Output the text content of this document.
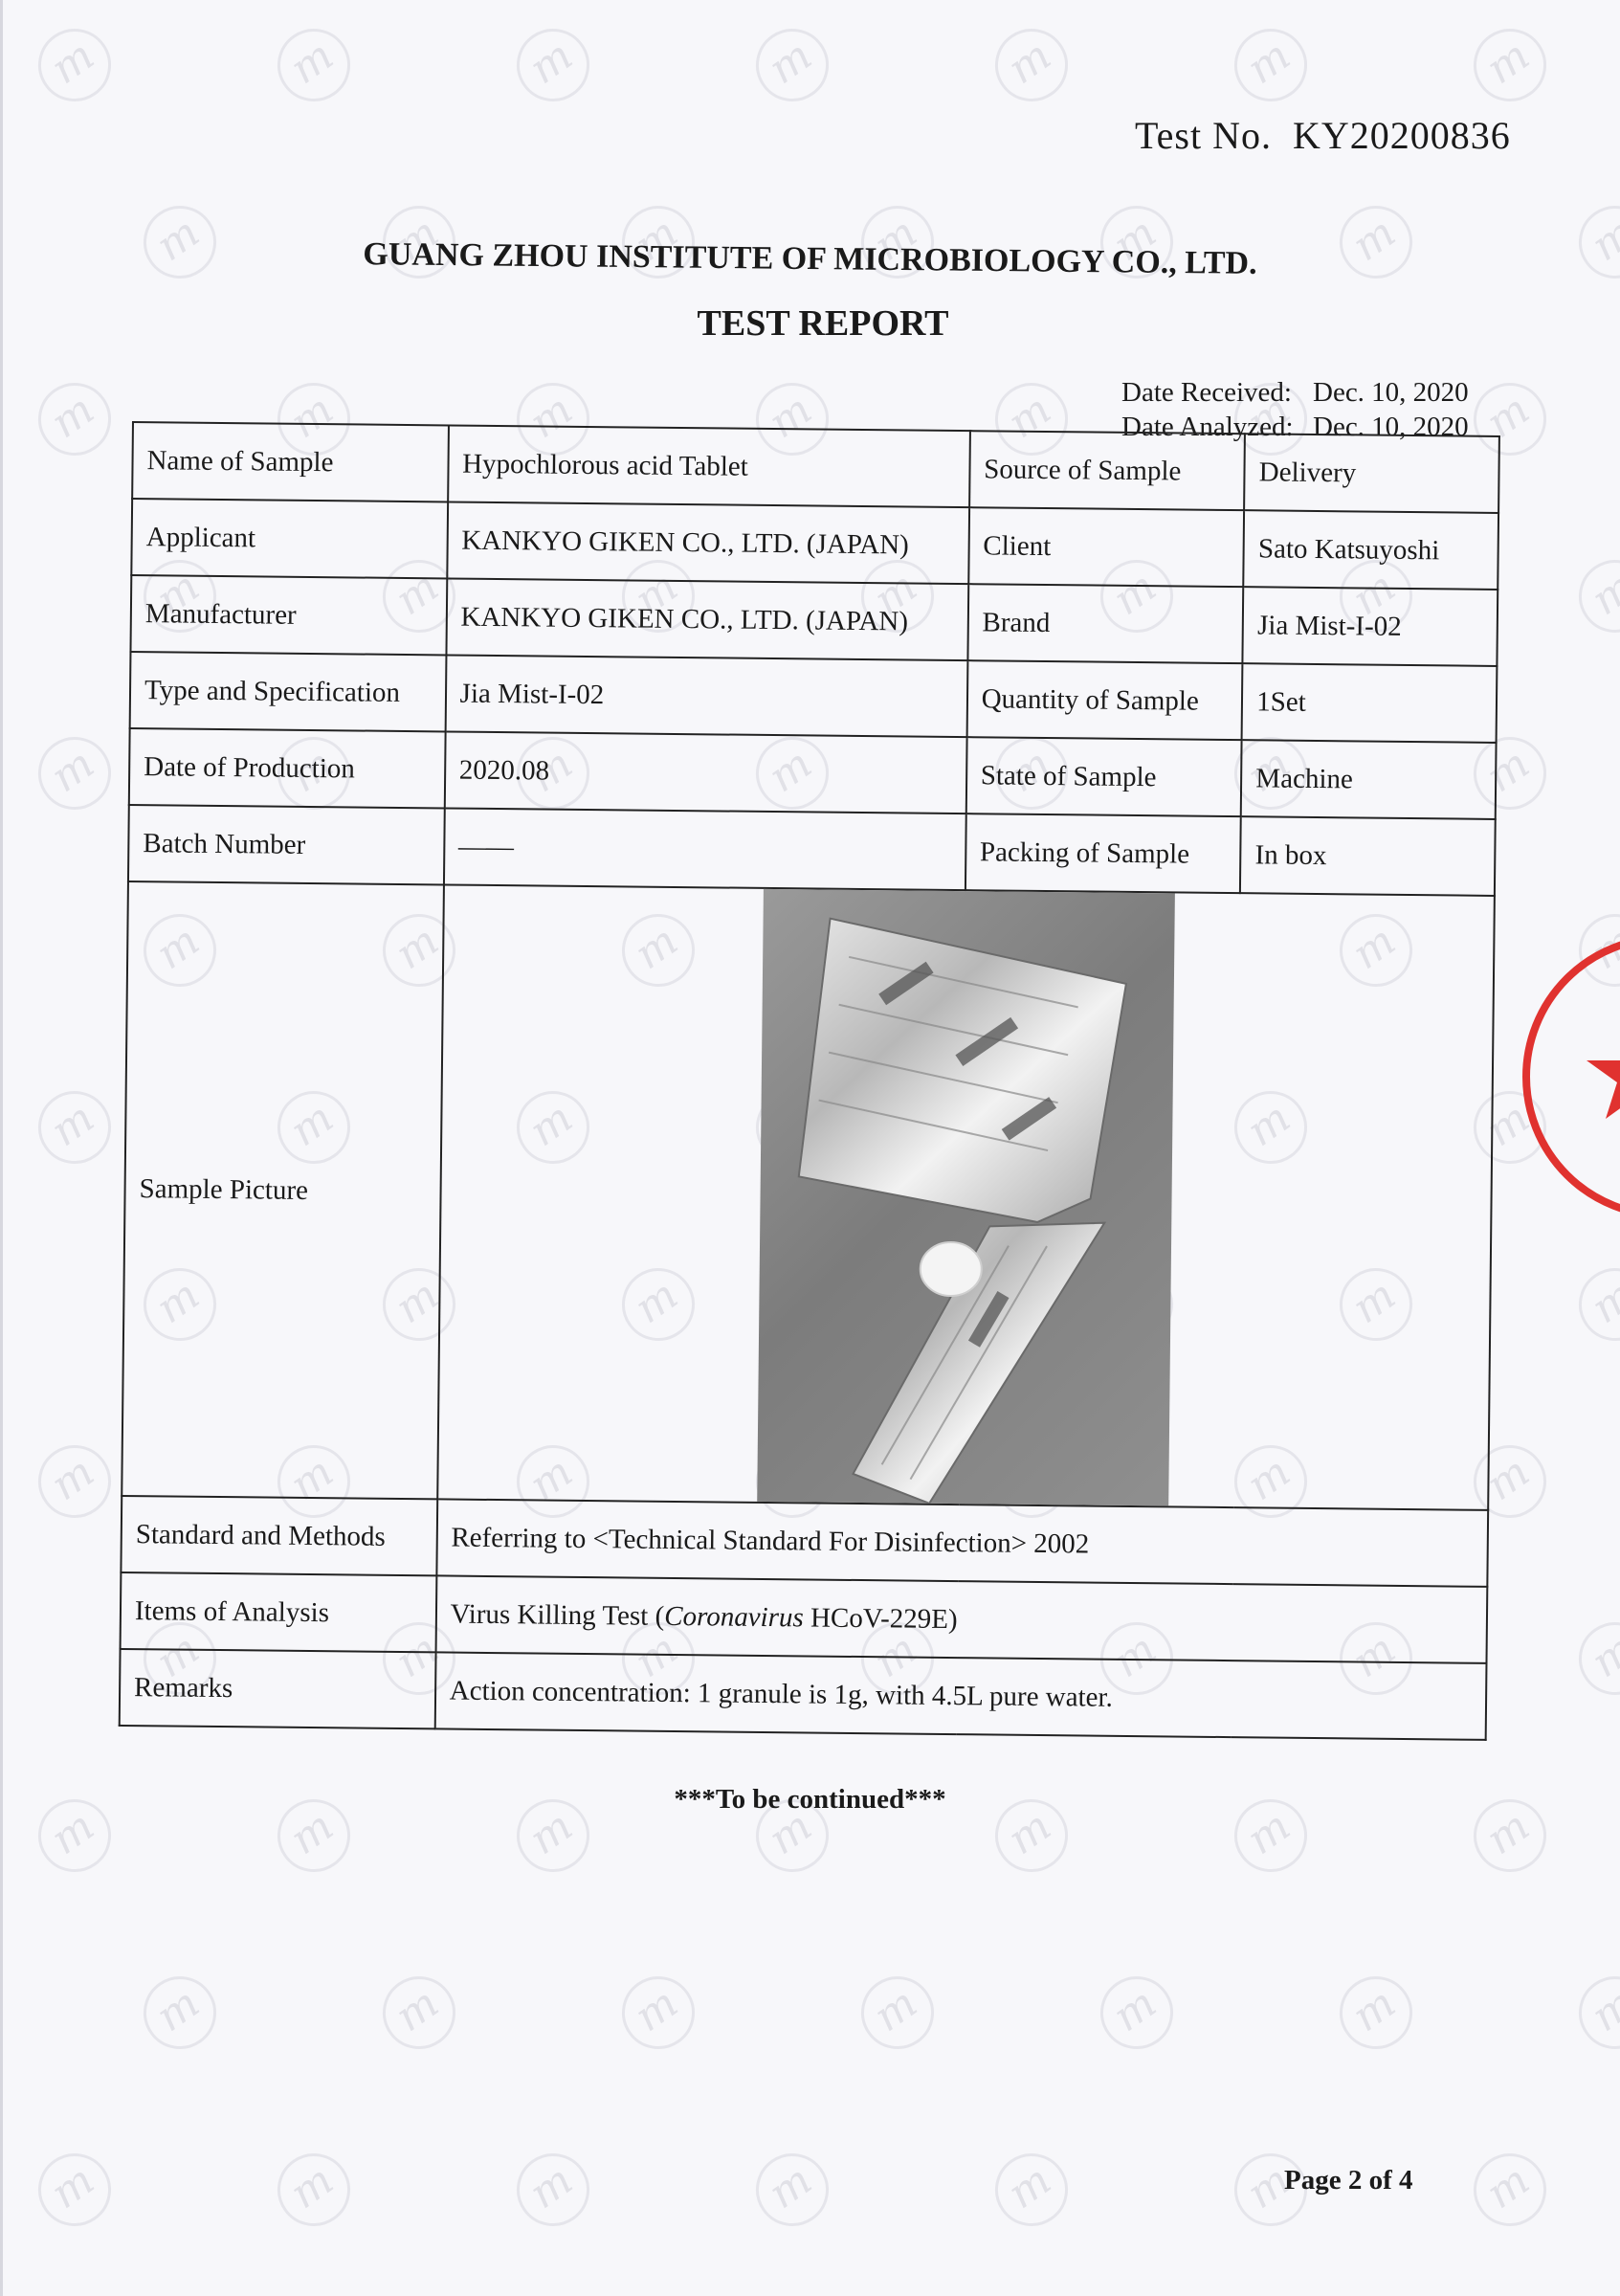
m
m
m
m
m
m
m
m
m
m
m
m
m
m
m
m
m
m
m
m
m
m
m
m
m
m
m
m
m
m
m
m
m
m
m
m
m
m
m
m
m
m
m
m
m
m
m
m
m
m
m
m
m
m
m
m
m
m
m
m
m
m
m
m
m
m
m
m
m
m
m
m
m
m
m
m
m
m
m
m
m
m
m
m
m
m
m
m
m
m
m
Test No. KY20200836
GUANG ZHOU INSTITUTE OF MICROBIOLOGY CO., LTD.
TEST REPORT
Date Received: Dec. 10, 2020
Date Analyzed: Dec. 10, 2020
Name of Sample	Hypochlorous acid Tablet	Source of Sample	Delivery
Applicant	KANKYO GIKEN CO., LTD. (JAPAN)	Client	Sato Katsuyoshi
Manufacturer	KANKYO GIKEN CO., LTD. (JAPAN)	Brand	Jia Mist-I-02
Type and Specification	Jia Mist-I-02	Quantity of Sample	1Set
Date of Production	2020.08	State of Sample	Machine
Batch Number	——	Packing of Sample	In box
Sample Picture	

Standard and Methods	Referring to <Technical Standard For Disinfection> 2002		
Items of Analysis	Virus Killing Test (Coronavirus HCoV-229E)		
Remarks	Action concentration: 1 granule is 1g, with 4.5L pure water.		
***To be continued***
Page 2 of 4
